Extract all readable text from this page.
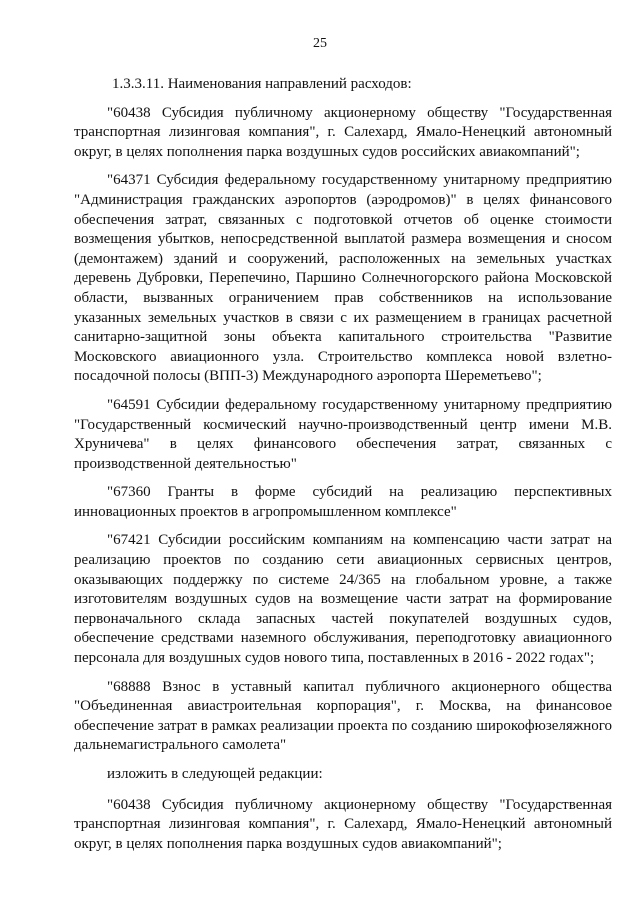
25

1.3.3.11. Наименования направлений расходов:

"60438 Субсидия публичному акционерному обществу "Государственная транспортная лизинговая компания", г. Салехард, Ямало-Ненецкий автономный округ, в целях пополнения парка воздушных судов российских авиакомпаний";

"64371 Субсидия федеральному государственному унитарному предприятию "Администрация гражданских аэропортов (аэродромов)" в целях финансового обеспечения затрат, связанных с подготовкой отчетов об оценке стоимости возмещения убытков, непосредственной выплатой размера возмещения и сносом (демонтажем) зданий и сооружений, расположенных на земельных участках деревень Дубровки, Перепечино, Паршино Солнечногорского района Московской области, вызванных ограничением прав собственников на использование указанных земельных участков в связи с их размещением в границах расчетной санитарно-защитной зоны объекта капитального строительства "Развитие Московского авиационного узла. Строительство комплекса новой взлетно-посадочной полосы (ВПП-3) Международного аэропорта Шереметьево";

"64591 Субсидии федеральному государственному унитарному предприятию "Государственный космический научно-производственный центр имени М.В. Хруничева" в целях финансового обеспечения затрат, связанных с производственной деятельностью"

"67360 Гранты в форме субсидий на реализацию перспективных инновационных проектов в агропромышленном комплексе"

"67421 Субсидии российским компаниям на компенсацию части затрат на реализацию проектов по созданию сети авиационных сервисных центров, оказывающих поддержку по системе 24/365 на глобальном уровне, а также изготовителям воздушных судов на возмещение части затрат на формирование первоначального склада запасных частей покупателей воздушных судов, обеспечение средствами наземного обслуживания, переподготовку авиационного персонала для воздушных судов нового типа, поставленных в 2016 - 2022 годах";

"68888 Взнос в уставный капитал публичного акционерного общества "Объединенная авиастроительная корпорация", г. Москва, на финансовое обеспечение затрат в рамках реализации проекта по созданию широкофюзеляжного дальнемагистрального самолета"

изложить в следующей редакции:

"60438 Субсидия публичному акционерному обществу "Государственная транспортная лизинговая компания", г. Салехард, Ямало-Ненецкий автономный округ, в целях пополнения парка воздушных судов авиакомпаний";
